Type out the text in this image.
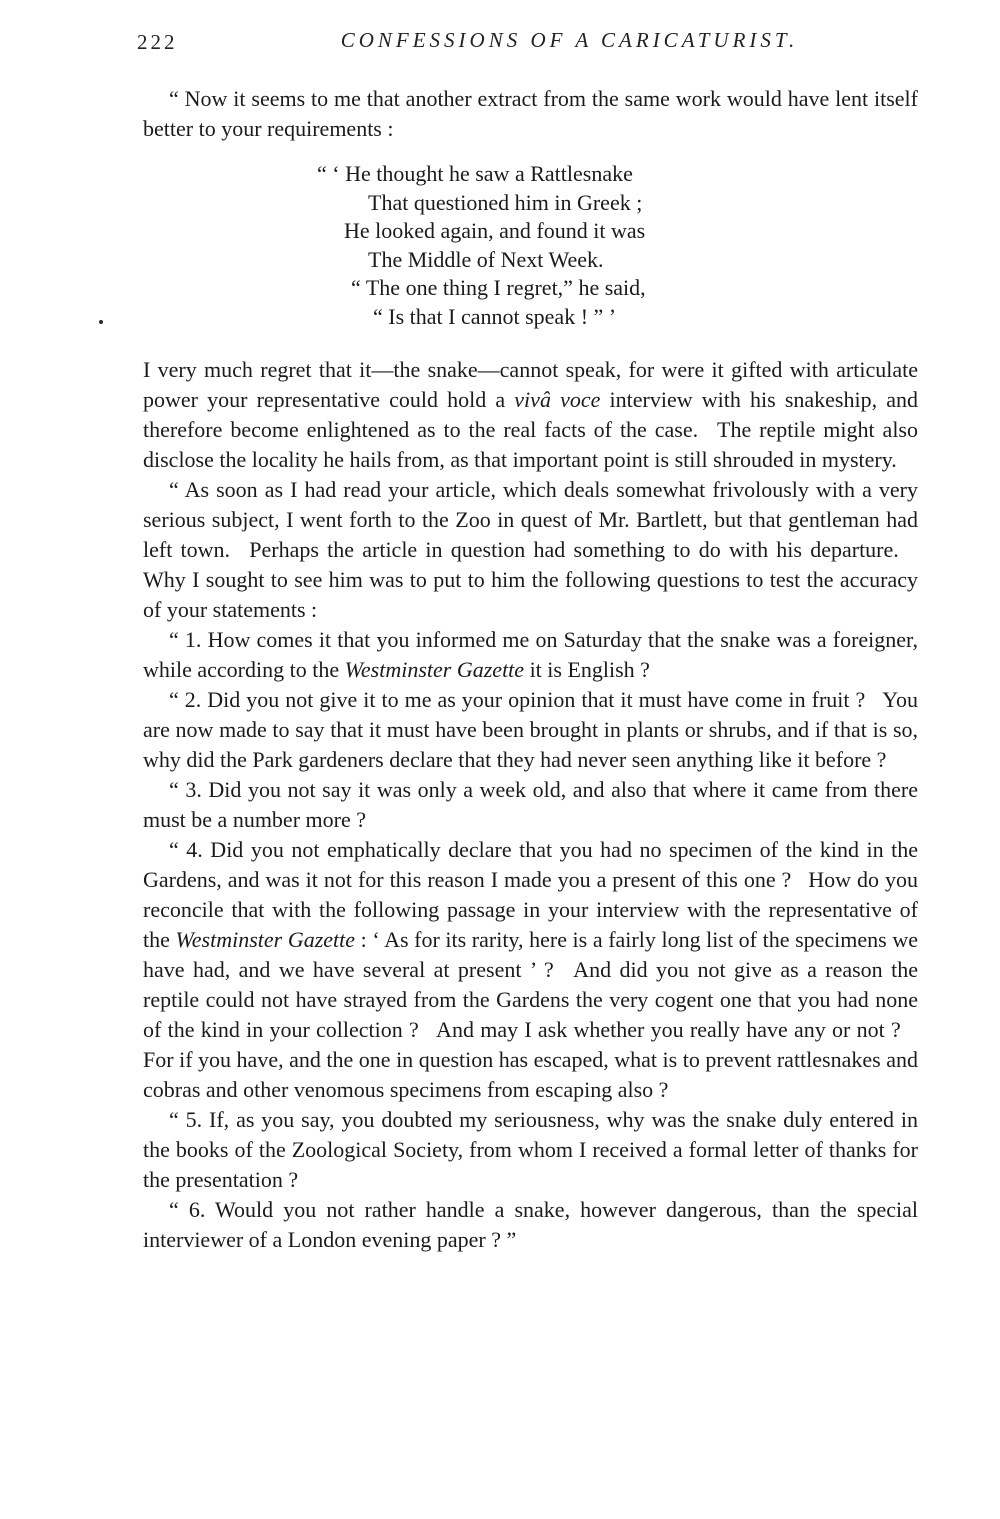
222	CONFESSIONS OF A CARICATURIST.

“ Now it seems to me that another extract from the same work would have lent itself better to your requirements :

“ ‘ He thought he saw a Rattlesnake
That questioned him in Greek ;
He looked again, and found it was
The Middle of Next Week.
“ The one thing I regret,” he said,
“ Is that I cannot speak ! ” ’

I very much regret that it—the snake—cannot speak, for were it gifted with articulate power your representative could hold a vivâ voce interview with his snakeship, and therefore become enlightened as to the real facts of the case.  The reptile might also disclose the locality he hails from, as that important point is still shrouded in mystery.

“ As soon as I had read your article, which deals somewhat frivolously with a very serious subject, I went forth to the Zoo in quest of Mr. Bartlett, but that gentleman had left town.  Perhaps the article in question had something to do with his departure.  Why I sought to see him was to put to him the following questions to test the accuracy of your statements :

“ 1. How comes it that you informed me on Saturday that the snake was a foreigner, while according to the Westminster Gazette it is English ?

“ 2. Did you not give it to me as your opinion that it must have come in fruit ?  You are now made to say that it must have been brought in plants or shrubs, and if that is so, why did the Park gardeners declare that they had never seen anything like it before ?

“ 3. Did you not say it was only a week old, and also that where it came from there must be a number more ?

“ 4. Did you not emphatically declare that you had no specimen of the kind in the Gardens, and was it not for this reason I made you a present of this one ?  How do you reconcile that with the following passage in your interview with the representative of the Westminster Gazette : ‘ As for its rarity, here is a fairly long list of the specimens we have had, and we have several at present ’ ?  And did you not give as a reason the reptile could not have strayed from the Gardens the very cogent one that you had none of the kind in your collection ?  And may I ask whether you really have any or not ?  For if you have, and the one in question has escaped, what is to prevent rattlesnakes and cobras and other venomous specimens from escaping also ?

“ 5. If, as you say, you doubted my seriousness, why was the snake duly entered in the books of the Zoological Society, from whom I received a formal letter of thanks for the presentation ?

“ 6. Would you not rather handle a snake, however dangerous, than the special interviewer of a London evening paper ? ”
